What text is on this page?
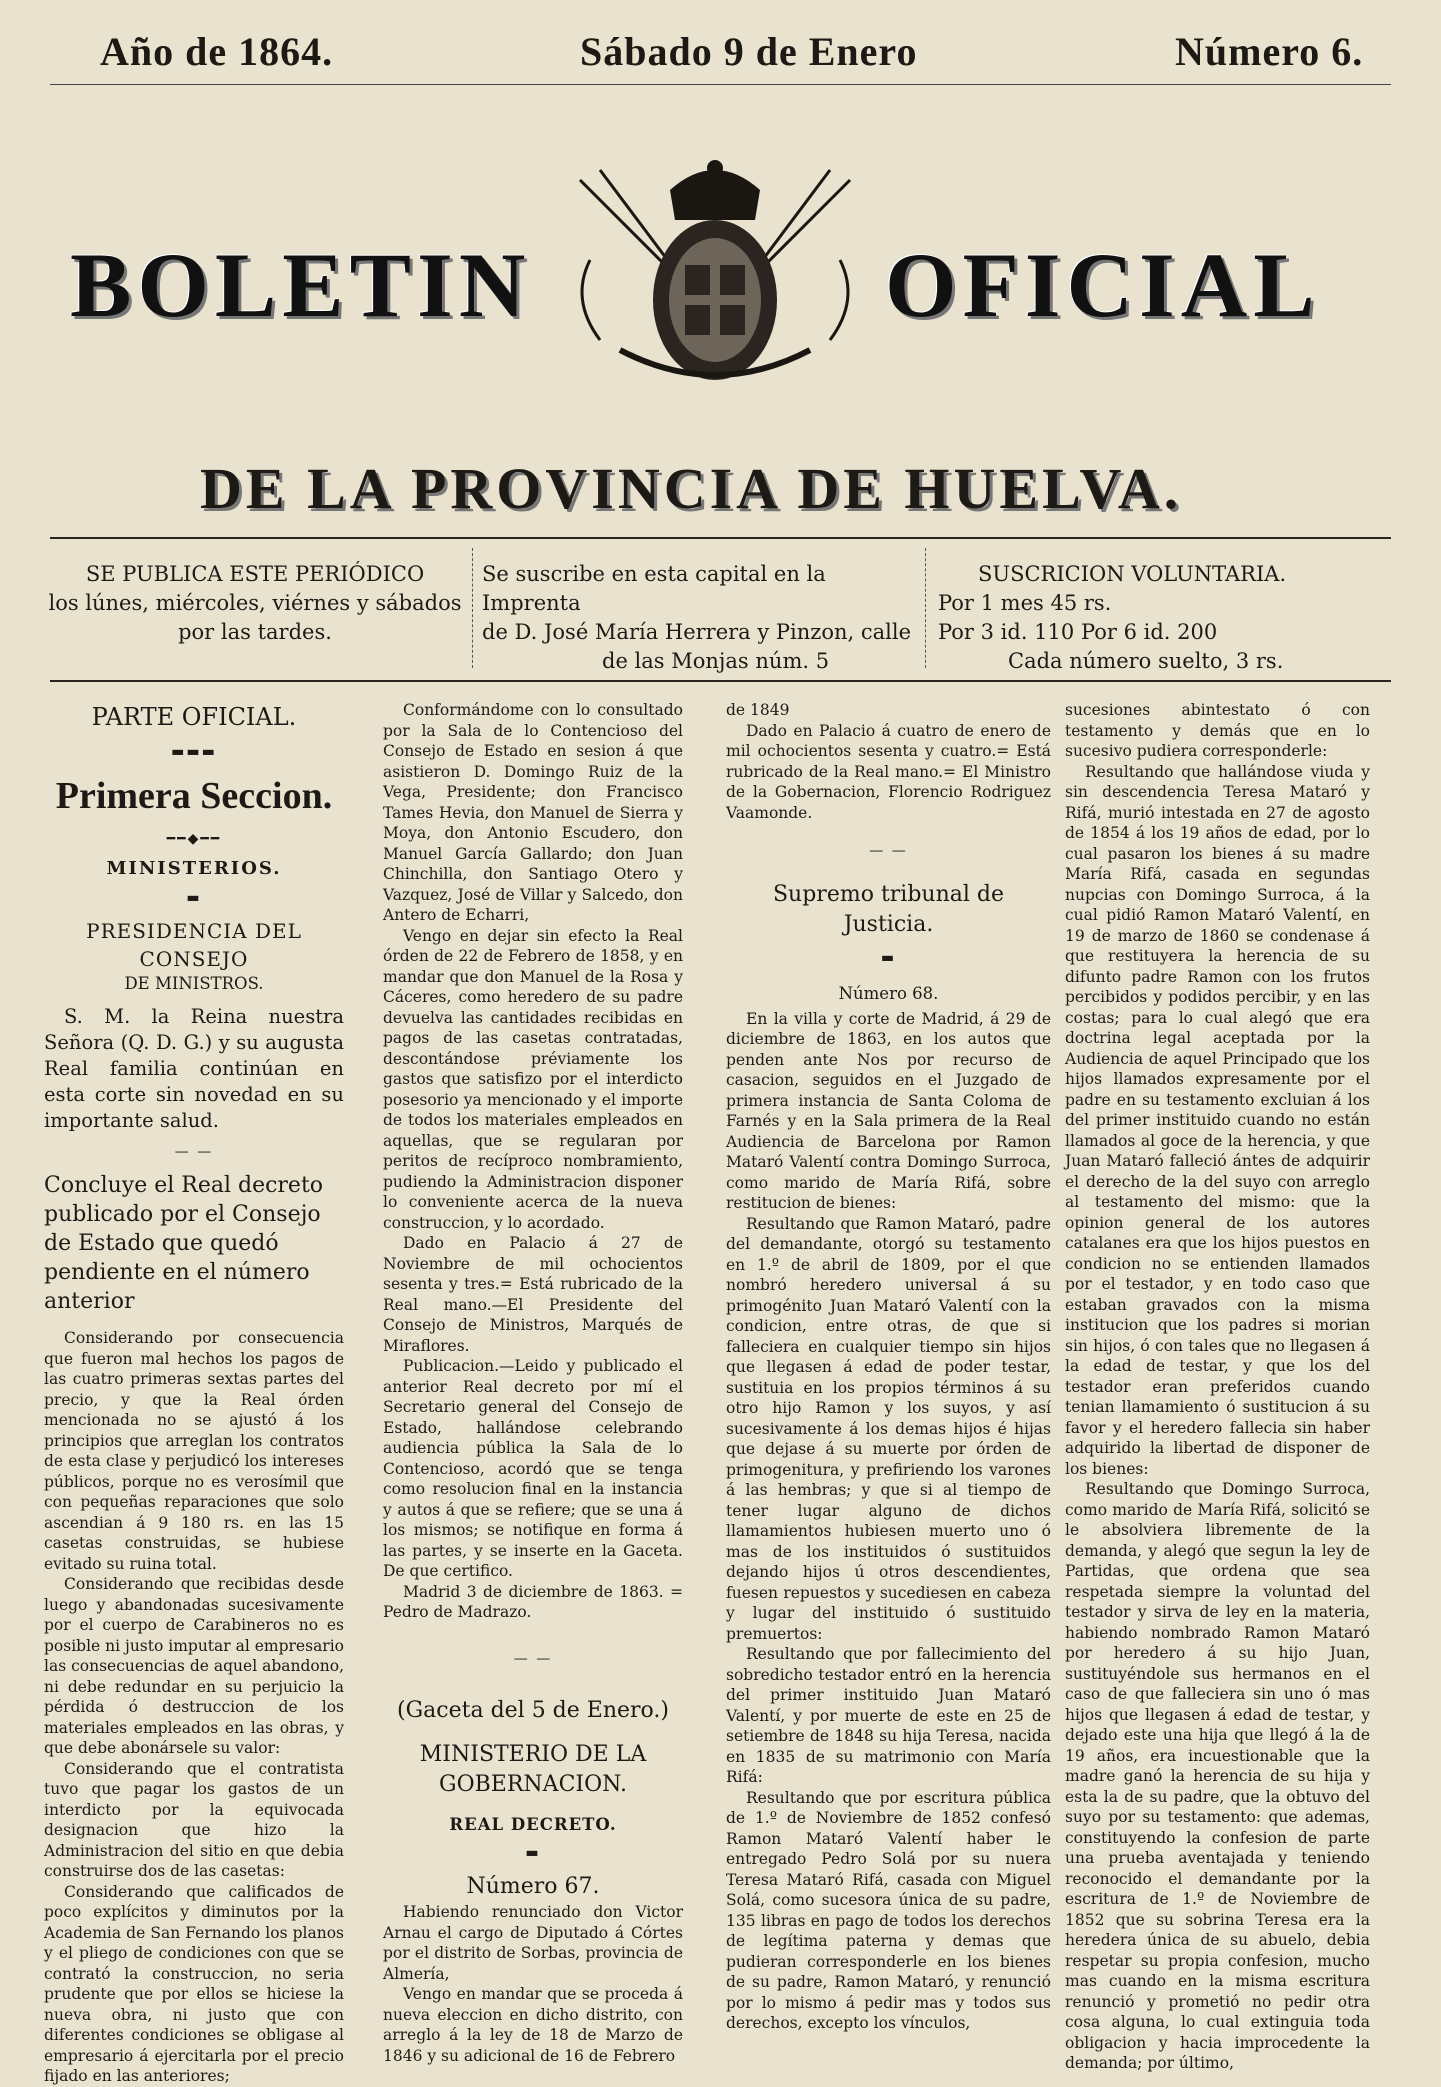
Año de 1864.	Sábado 9 de Enero	Número 6.
BOLETIN	OFICIAL
DE LA PROVINCIA DE HUELVA.
SE PUBLICA ESTE PERIÓDICO
los lúnes, miércoles, viérnes y sábados
por las tardes.
Se suscribe en esta capital en la Imprenta
de D. José María Herrera y Pinzon, calle
de las Monjas núm. 5
SUSCRICION VOLUNTARIA.
Por 1 mes 45 rs.
Por 3 id. 110 Por 6 id. 200
Cada número suelto, 3 rs.

PARTE OFICIAL.

▬▬▬

Primera Seccion.

━━◆━━

MINISTERIOS.

▬

PRESIDENCIA DEL CONSEJO

DE MINISTROS.

S. M. la Reina nuestra Señora (Q. D. G.) y su augusta Real familia continúan en esta corte sin novedad en su importante salud.

— —

Concluye el Real decreto publicado por el Consejo de Estado que quedó pendiente en el número anterior

Considerando por consecuencia que fueron mal hechos los pagos de las cuatro primeras sextas partes del precio, y que la Real órden mencionada no se ajustó á los principios que arreglan los contratos de esta clase y perjudicó los intereses públicos, porque no es verosímil que con pequeñas reparaciones que solo ascendian á 9 180 rs. en las 15 casetas construidas, se hubiese evitado su ruina total.

Considerando que recibidas desde luego y abandonadas sucesivamente por el cuerpo de Carabineros no es posible ni justo imputar al empresario las consecuencias de aquel abandono, ni debe redundar en su perjuicio la pérdida ó destruccion de los materiales empleados en las obras, y que debe abonársele su valor:

Considerando que el contratista tuvo que pagar los gastos de un interdicto por la equivocada designacion que hizo la Administracion del sitio en que debia construirse dos de las casetas:

Considerando que calificados de poco explícitos y diminutos por la Academia de San Fernando los planos y el pliego de condiciones con que se contrató la construccion, no seria prudente que por ellos se hiciese la nueva obra, ni justo que con diferentes condiciones se obligase al empresario á ejercitarla por el precio fijado en las anteriores;

Conformándome con lo consultado por la Sala de lo Contencioso del Consejo de Estado en sesion á que asistieron D. Domingo Ruiz de la Vega, Presidente; don Francisco Tames Hevia, don Manuel de Sierra y Moya, don Antonio Escudero, don Manuel García Gallardo; don Juan Chinchilla, don Santiago Otero y Vazquez, José de Villar y Salcedo, don Antero de Echarri,

Vengo en dejar sin efecto la Real órden de 22 de Febrero de 1858, y en mandar que don Manuel de la Rosa y Cáceres, como heredero de su padre devuelva las cantidades recibidas en pagos de las casetas contratadas, descontándose préviamente los gastos que satisfizo por el interdicto posesorio ya mencionado y el importe de todos los materiales empleados en aquellas, que se regularan por peritos de recíproco nombramiento, pudiendo la Administracion disponer lo conveniente acerca de la nueva construccion, y lo acordado.

Dado en Palacio á 27 de Noviembre de mil ochocientos sesenta y tres.= Está rubricado de la Real mano.—El Presidente del Consejo de Ministros, Marqués de Miraflores.

Publicacion.—Leido y publicado el anterior Real decreto por mí el Secretario general del Consejo de Estado, hallándose celebrando audiencia pública la Sala de lo Contencioso, acordó que se tenga como resolucion final en la instancia y autos á que se refiere; que se una á los mismos; se notifique en forma á las partes, y se inserte en la Gaceta. De que certifico.

Madrid 3 de diciembre de 1863. = Pedro de Madrazo.

— —

(Gaceta del 5 de Enero.)

MINISTERIO DE LA GOBERNACION.

REAL DECRETO.

▬

Número 67.

Habiendo renunciado don Victor Arnau el cargo de Diputado á Córtes por el distrito de Sorbas, provincia de Almería,

Vengo en mandar que se proceda á nueva eleccion en dicho distrito, con arreglo á la ley de 18 de Marzo de 1846 y su adicional de 16 de Febrero

de 1849

Dado en Palacio á cuatro de enero de mil ochocientos sesenta y cuatro.= Está rubricado de la Real mano.= El Ministro de la Gobernacion, Florencio Rodriguez Vaamonde.

— —

Supremo tribunal de Justicia.

▬

Número 68.

En la villa y corte de Madrid, á 29 de diciembre de 1863, en los autos que penden ante Nos por recurso de casacion, seguidos en el Juzgado de primera instancia de Santa Coloma de Farnés y en la Sala primera de la Real Audiencia de Barcelona por Ramon Mataró Valentí contra Domingo Surroca, como marido de María Rifá, sobre restitucion de bienes:

Resultando que Ramon Mataró, padre del demandante, otorgó su testamento en 1.º de abril de 1809, por el que nombró heredero universal á su primogénito Juan Mataró Valentí con la condicion, entre otras, de que si falleciera en cualquier tiempo sin hijos que llegasen á edad de poder testar, sustituia en los propios términos á su otro hijo Ramon y los suyos, y así sucesivamente á los demas hijos é hijas que dejase á su muerte por órden de primogenitura, y prefiriendo los varones á las hembras; y que si al tiempo de tener lugar alguno de dichos llamamientos hubiesen muerto uno ó mas de los instituidos ó sustituidos dejando hijos ú otros descendientes, fuesen repuestos y sucediesen en cabeza y lugar del instituido ó sustituido premuertos:

Resultando que por fallecimiento del sobredicho testador entró en la herencia del primer instituido Juan Mataró Valentí, y por muerte de este en 25 de setiembre de 1848 su hija Teresa, nacida en 1835 de su matrimonio con María Rifá:

Resultando que por escritura pública de 1.º de Noviembre de 1852 confesó Ramon Mataró Valentí haber le entregado Pedro Solá por su nuera Teresa Mataró Rifá, casada con Miguel Solá, como sucesora única de su padre, 135 libras en pago de todos los derechos de legítima paterna y demas que pudieran corresponderle en los bienes de su padre, Ramon Mataró, y renunció por lo mismo á pedir mas y todos sus derechos, excepto los vínculos,

sucesiones abintestato ó con testamento y demás que en lo sucesivo pudiera corresponderle:

Resultando que hallándose viuda y sin descendencia Teresa Mataró y Rifá, murió intestada en 27 de agosto de 1854 á los 19 años de edad, por lo cual pasaron los bienes á su madre María Rifá, casada en segundas nupcias con Domingo Surroca, á la cual pidió Ramon Mataró Valentí, en 19 de marzo de 1860 se condenase á que restituyera la herencia de su difunto padre Ramon con los frutos percibidos y podidos percibir, y en las costas; para lo cual alegó que era doctrina legal aceptada por la Audiencia de aquel Principado que los hijos llamados expresamente por el padre en su testamento excluian á los del primer instituido cuando no están llamados al goce de la herencia, y que Juan Mataró falleció ántes de adquirir el derecho de la del suyo con arreglo al testamento del mismo: que la opinion general de los autores catalanes era que los hijos puestos en condicion no se entienden llamados por el testador, y en todo caso que estaban gravados con la misma institucion que los padres si morian sin hijos, ó con tales que no llegasen á la edad de testar, y que los del testador eran preferidos cuando tenian llamamiento ó sustitucion á su favor y el heredero fallecia sin haber adquirido la libertad de disponer de los bienes:

Resultando que Domingo Surroca, como marido de María Rifá, solicitó se le absolviera libremente de la demanda, y alegó que segun la ley de Partidas, que ordena que sea respetada siempre la voluntad del testador y sirva de ley en la materia, habiendo nombrado Ramon Mataró por heredero á su hijo Juan, sustituyéndole sus hermanos en el caso de que falleciera sin uno ó mas hijos que llegasen á edad de testar, y dejado este una hija que llegó á la de 19 años, era incuestionable que la madre ganó la herencia de su hija y esta la de su padre, que la obtuvo del suyo por su testamento: que ademas, constituyendo la confesion de parte una prueba aventajada y teniendo reconocido el demandante por la escritura de 1.º de Noviembre de 1852 que su sobrina Teresa era la heredera única de su abuelo, debia respetar su propia confesion, mucho mas cuando en la misma escritura renunció y prometió no pedir otra cosa alguna, lo cual extinguia toda obligacion y hacia improcedente la demanda; por último,
